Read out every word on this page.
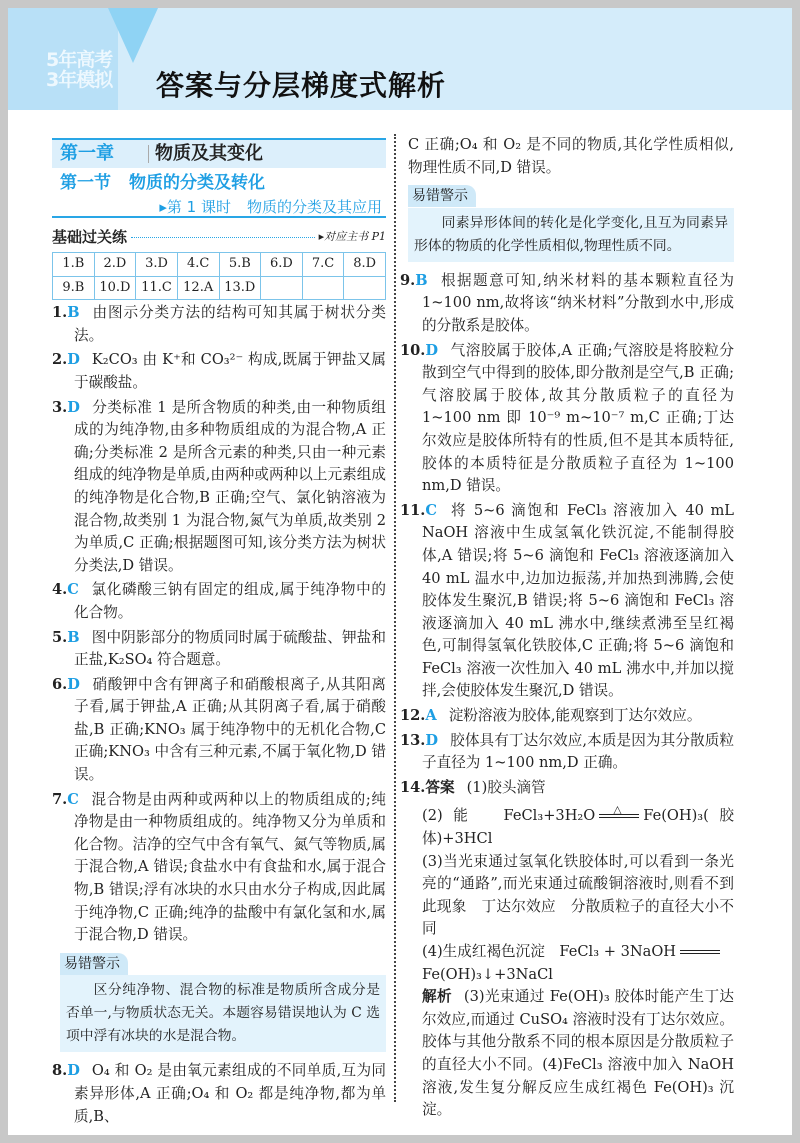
5年高考
3年模拟 答案与分层梯度式解析
第一章	物质及其变化
第一节 物质的分类及转化
▸第 1 课时 物质的分类及其应用
基础过关练	▸对应主书 P1
1.B	2.D	3.D	4.C	5.B	6.D	7.C	8.D
9.B	10.D	11.C	12.A	13.D			
1.B 由图示分类方法的结构可知其属于树状分类法。
2.D K₂CO₃ 由 K⁺和 CO₃²⁻ 构成,既属于钾盐又属于碳酸盐。
3.D 分类标准 1 是所含物质的种类,由一种物质组成的为纯净物,由多种物质组成的为混合物,A 正确;分类标准 2 是所含元素的种类,只由一种元素组成的纯净物是单质,由两种或两种以上元素组成的纯净物是化合物,B 正确;空气、氯化钠溶液为混合物,故类别 1 为混合物,氮气为单质,故类别 2 为单质,C 正确;根据题图可知,该分类方法为树状分类法,D 错误。
4.C 氯化磷酸三钠有固定的组成,属于纯净物中的化合物。
5.B 图中阴影部分的物质同时属于硫酸盐、钾盐和正盐,K₂SO₄ 符合题意。
6.D 硝酸钾中含有钾离子和硝酸根离子,从其阳离子看,属于钾盐,A 正确;从其阴离子看,属于硝酸盐,B 正确;KNO₃ 属于纯净物中的无机化合物,C 正确;KNO₃ 中含有三种元素,不属于氧化物,D 错误。
7.C 混合物是由两种或两种以上的物质组成的;纯净物是由一种物质组成的。纯净物又分为单质和化合物。洁净的空气中含有氧气、氮气等物质,属于混合物,A 错误;食盐水中有食盐和水,属于混合物,B 错误;浮有冰块的水只由水分子构成,因此属于纯净物,C 正确;纯净的盐酸中有氯化氢和水,属于混合物,D 错误。
易错警示
区分纯净物、混合物的标准是物质所含成分是否单一,与物质状态无关。本题容易错误地认为 C 选项中浮有冰块的水是混合物。
8.D O₄ 和 O₂ 是由氧元素组成的不同单质,互为同素异形体,A 正确;O₄ 和 O₂ 都是纯净物,都为单质,B、
C 正确;O₄ 和 O₂ 是不同的物质,其化学性质相似,物理性质不同,D 错误。
易错警示
同素异形体间的转化是化学变化,且互为同素异形体的物质的化学性质相似,物理性质不同。
9.B 根据题意可知,纳米材料的基本颗粒直径为 1~100 nm,故将该“纳米材料”分散到水中,形成的分散系是胶体。
10.D 气溶胶属于胶体,A 正确;气溶胶是将胶粒分散到空气中得到的胶体,即分散剂是空气,B 正确;气溶胶属于胶体,故其分散质粒子的直径为 1~100 nm 即 10⁻⁹ m~10⁻⁷ m,C 正确;丁达尔效应是胶体所特有的性质,但不是其本质特征,胶体的本质特征是分散质粒子直径为 1~100 nm,D 错误。
11.C 将 5~6 滴饱和 FeCl₃ 溶液加入 40 mL NaOH 溶液中生成氢氧化铁沉淀,不能制得胶体,A 错误;将 5~6 滴饱和 FeCl₃ 溶液逐滴加入 40 mL 温水中,边加边振荡,并加热到沸腾,会使胶体发生聚沉,B 错误;将 5~6 滴饱和 FeCl₃ 溶液逐滴加入 40 mL 沸水中,继续煮沸至呈红褐色,可制得氢氧化铁胶体,C 正确;将 5~6 滴饱和 FeCl₃ 溶液一次性加入 40 mL 沸水中,并加以搅拌,会使胶体发生聚沉,D 错误。
12.A 淀粉溶液为胶体,能观察到丁达尔效应。
13.D 胶体具有丁达尔效应,本质是因为其分散质粒子直径为 1~100 nm,D 正确。
14.答案 (1)胶头滴管
(2)能　FeCl₃+3H₂O △ Fe(OH)₃(胶体)+3HCl
(3)当光束通过氢氧化铁胶体时,可以看到一条光亮的“通路”,而光束通过硫酸铜溶液时,则看不到此现象　丁达尔效应　分散质粒子的直径大小不同
(4)生成红褐色沉淀　FeCl₃ + 3NaOH
Fe(OH)₃↓+3NaCl
解析 (3)光束通过 Fe(OH)₃ 胶体时能产生丁达尔效应,而通过 CuSO₄ 溶液时没有丁达尔效应。胶体与其他分散系不同的根本原因是分散质粒子的直径大小不同。(4)FeCl₃ 溶液中加入 NaOH 溶液,发生复分解反应生成红褐色 Fe(OH)₃ 沉淀。
